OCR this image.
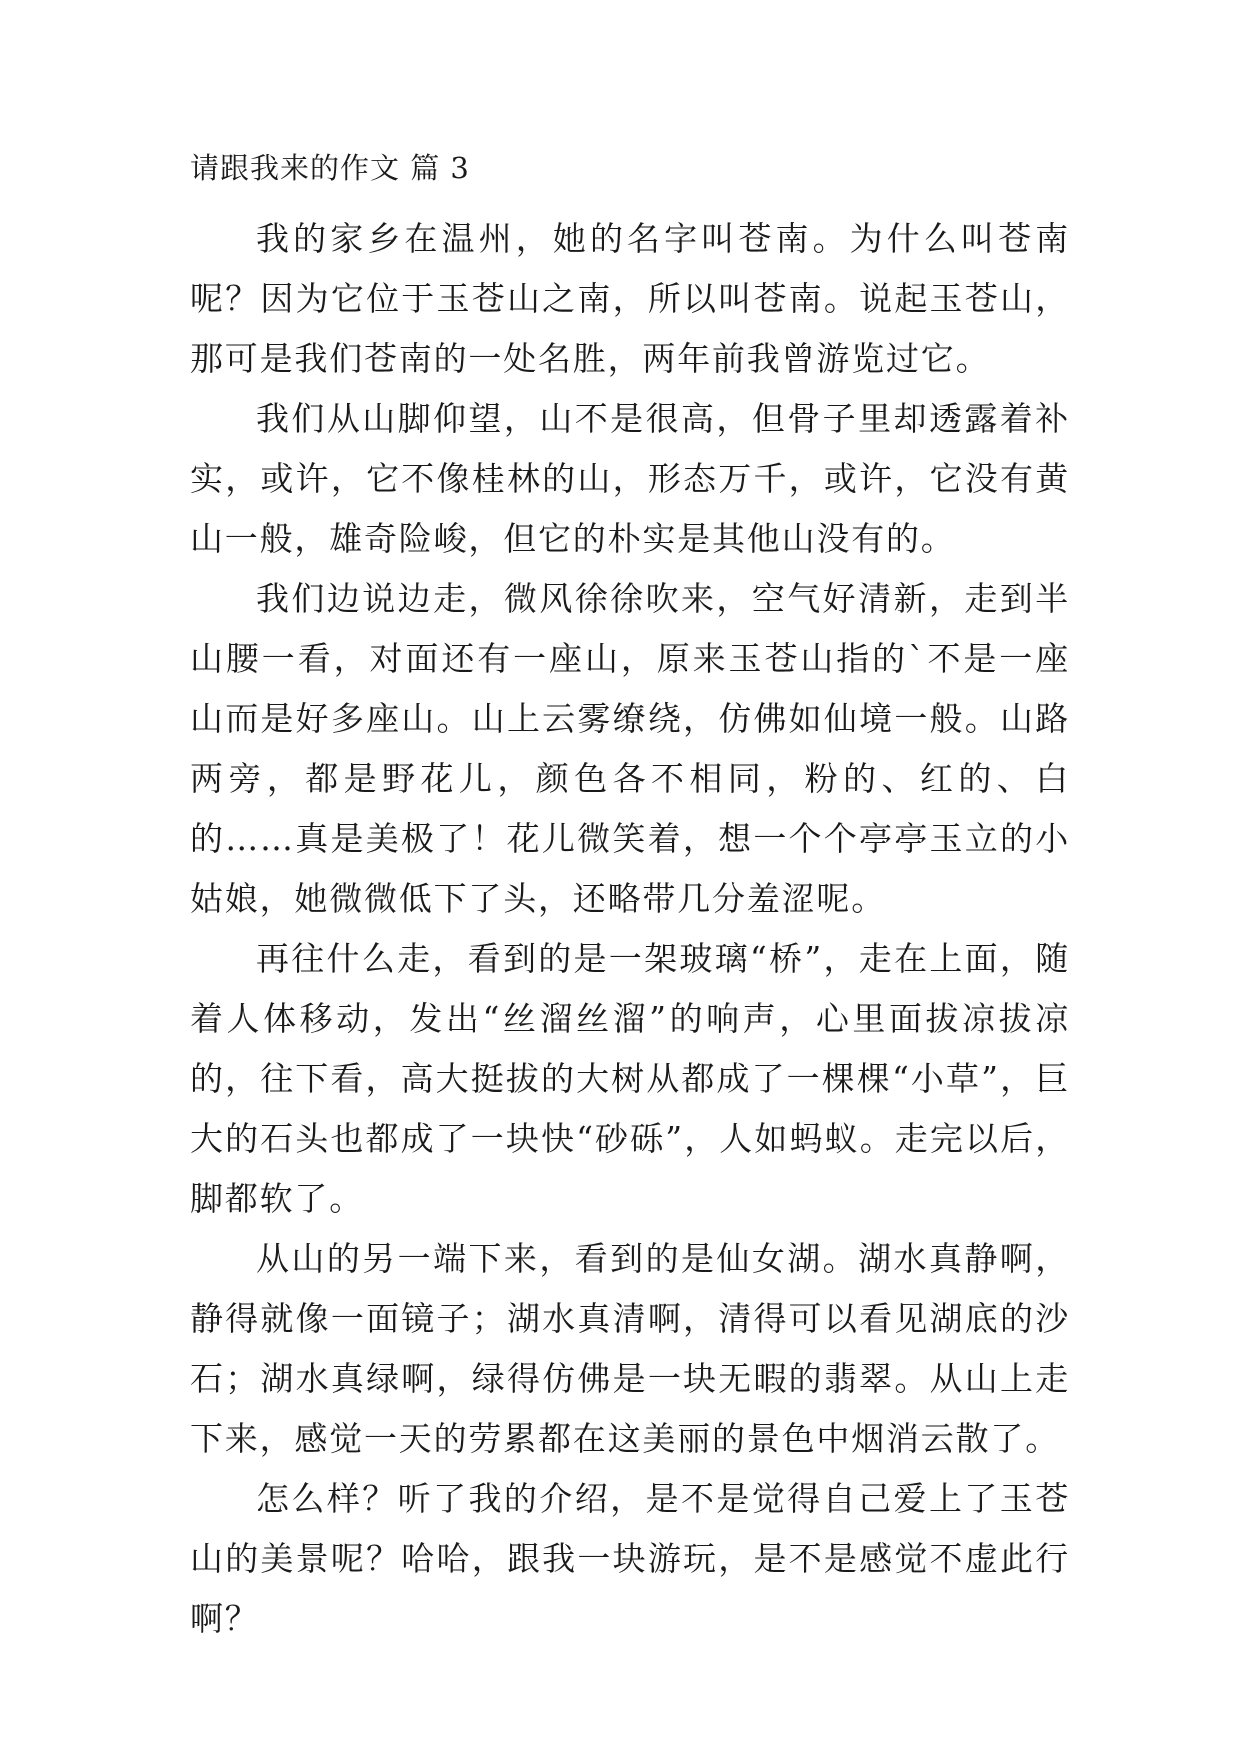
请跟我来的作文 篇 3

我的家乡在温州，她的名字叫苍南。为什么叫苍南呢？因为它位于玉苍山之南，所以叫苍南。说起玉苍山，那可是我们苍南的一处名胜，两年前我曾游览过它。

我们从山脚仰望，山不是很高，但骨子里却透露着补实，或许，它不像桂林的山，形态万千，或许，它没有黄山一般，雄奇险峻，但它的朴实是其他山没有的。

我们边说边走，微风徐徐吹来，空气好清新，走到半山腰一看，对面还有一座山，原来玉苍山指的`不是一座山而是好多座山。山上云雾缭绕，仿佛如仙境一般。山路两旁，都是野花儿，颜色各不相同，粉的、红的、白的……真是美极了！花儿微笑着，想一个个亭亭玉立的小姑娘，她微微低下了头，还略带几分羞涩呢。

再往什么走，看到的是一架玻璃“桥”，走在上面，随着人体移动，发出“丝溜丝溜”的响声，心里面拔凉拔凉的，往下看，高大挺拔的大树从都成了一棵棵“小草”，巨大的石头也都成了一块快“砂砾”，人如蚂蚁。走完以后，脚都软了。

从山的另一端下来，看到的是仙女湖。湖水真静啊，静得就像一面镜子；湖水真清啊，清得可以看见湖底的沙石；湖水真绿啊，绿得仿佛是一块无暇的翡翠。从山上走下来，感觉一天的劳累都在这美丽的景色中烟消云散了。

怎么样？听了我的介绍，是不是觉得自己爱上了玉苍山的美景呢？哈哈，跟我一块游玩，是不是感觉不虚此行啊？
